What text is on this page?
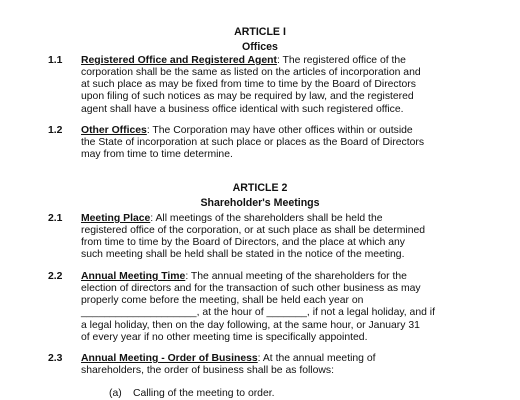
ARTICLE I
Offices
1.1 Registered Office and Registered Agent: The registered office of the
corporation shall be the same as listed on the articles of incorporation and
at such place as may be fixed from time to time by the Board of Directors
upon filing of such notices as may be required by law, and the registered
agent shall have a business office identical with such registered office.
1.2 Other Offices: The Corporation may have other offices within or outside
the State of incorporation at such place or places as the Board of Directors
may from time to time determine.
ARTICLE 2
Shareholder's Meetings
2.1 Meeting Place: All meetings of the shareholders shall be held the
registered office of the corporation, or at such place as shall be determined
from time to time by the Board of Directors, and the place at which any
such meeting shall be held shall be stated in the notice of the meeting.
2.2 Annual Meeting Time: The annual meeting of the shareholders for the
election of directors and for the transaction of such other business as may
properly come before the meeting, shall be held each year on
____________________, at the hour of _______, if not a legal holiday, and if
a legal holiday, then on the day following, at the same hour, or January 31
of every year if no other meeting time is specifically appointed.
2.3 Annual Meeting - Order of Business: At the annual meeting of
shareholders, the order of business shall be as follows:
(a) Calling of the meeting to order.
